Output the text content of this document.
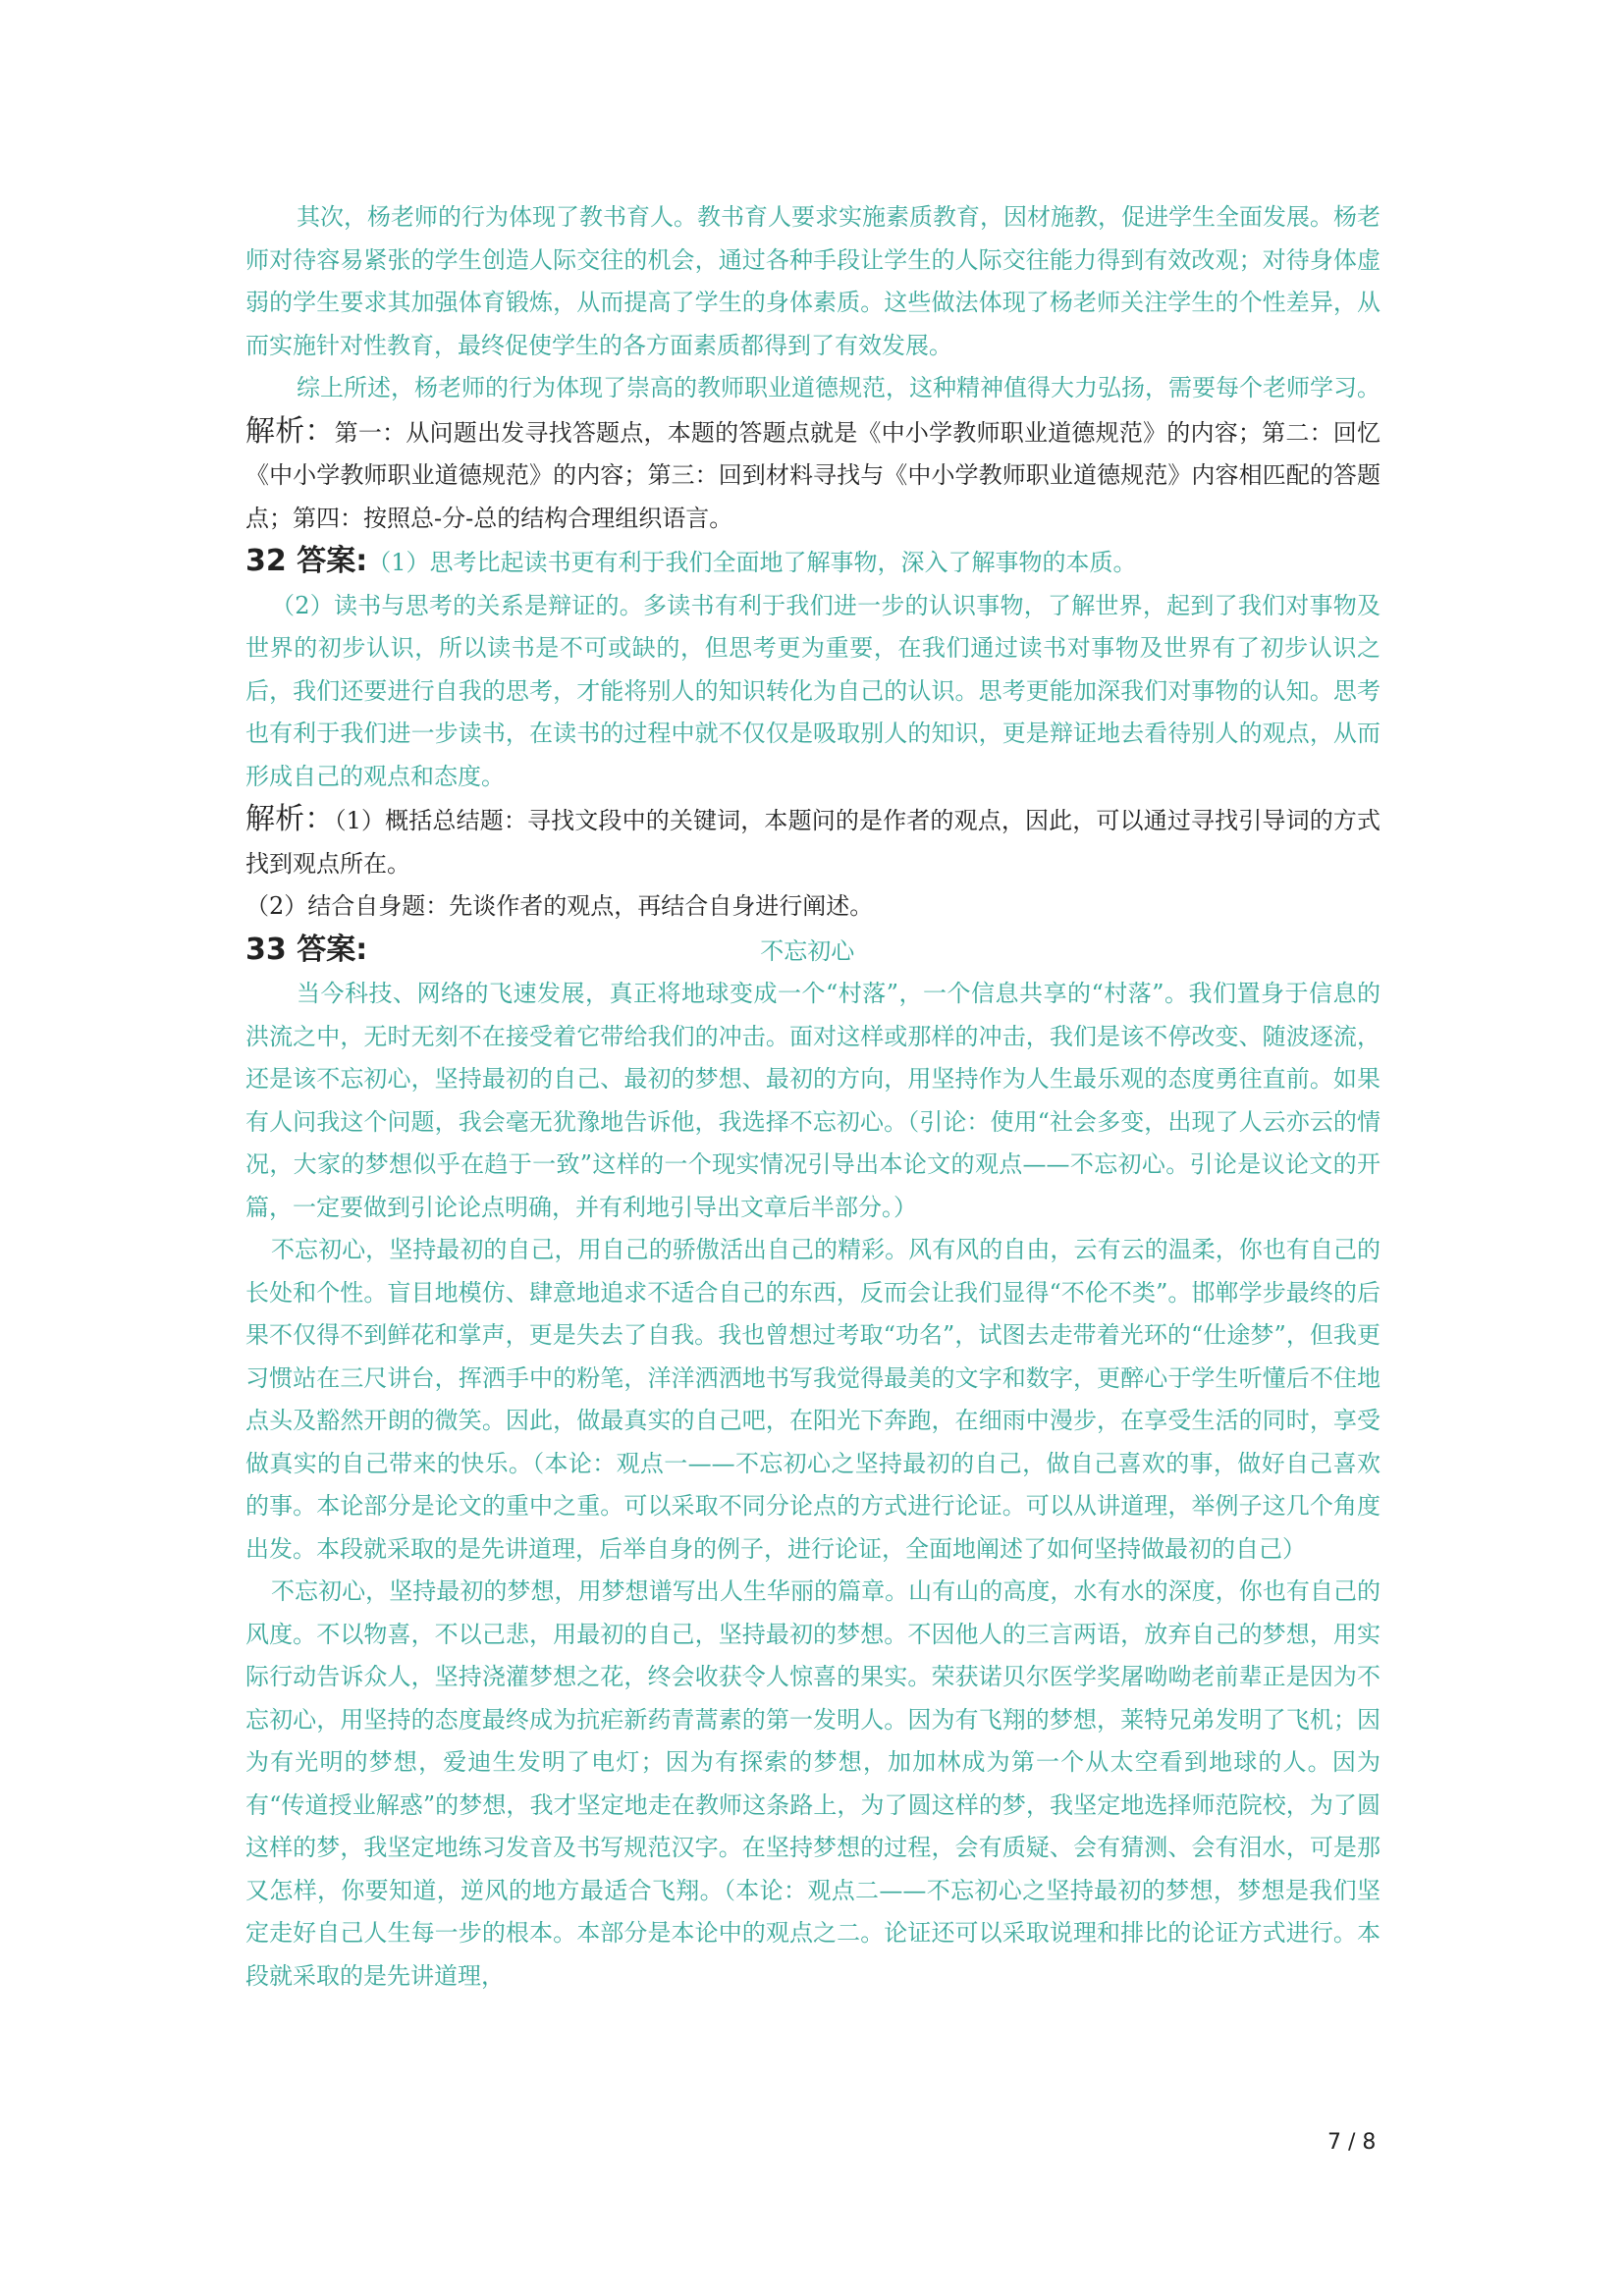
其次，杨老师的行为体现了教书育人。教书育人要求实施素质教育，因材施教，促进学生全面发展。杨老师对待容易紧张的学生创造人际交往的机会，通过各种手段让学生的人际交往能力得到有效改观；对待身体虚弱的学生要求其加强体育锻炼，从而提高了学生的身体素质。这些做法体现了杨老师关注学生的个性差异，从而实施针对性教育，最终促使学生的各方面素质都得到了有效发展。

综上所述，杨老师的行为体现了崇高的教师职业道德规范，这种精神值得大力弘扬，需要每个老师学习。

解析：第一：从问题出发寻找答题点，本题的答题点就是《中小学教师职业道德规范》的内容；第二：回忆《中小学教师职业道德规范》的内容；第三：回到材料寻找与《中小学教师职业道德规范》内容相匹配的答题点；第四：按照总-分-总的结构合理组织语言。

32 答案:（1）思考比起读书更有利于我们全面地了解事物，深入了解事物的本质。

（2）读书与思考的关系是辩证的。多读书有利于我们进一步的认识事物，了解世界，起到了我们对事物及世界的初步认识，所以读书是不可或缺的，但思考更为重要，在我们通过读书对事物及世界有了初步认识之后，我们还要进行自我的思考，才能将别人的知识转化为自己的认识。思考更能加深我们对事物的认知。思考也有利于我们进一步读书，在读书的过程中就不仅仅是吸取别人的知识，更是辩证地去看待别人的观点，从而形成自己的观点和态度。

解析：（1）概括总结题：寻找文段中的关键词，本题问的是作者的观点，因此，可以通过寻找引导词的方式找到观点所在。

（2）结合自身题：先谈作者的观点，再结合自身进行阐述。

33 答案:	不忘初心

当今科技、网络的飞速发展，真正将地球变成一个“村落”，一个信息共享的“村落”。我们置身于信息的洪流之中，无时无刻不在接受着它带给我们的冲击。面对这样或那样的冲击，我们是该不停改变、随波逐流，还是该不忘初心，坚持最初的自己、最初的梦想、最初的方向，用坚持作为人生最乐观的态度勇往直前。如果有人问我这个问题，我会毫无犹豫地告诉他，我选择不忘初心。（引论：使用“社会多变，出现了人云亦云的情况，大家的梦想似乎在趋于一致”这样的一个现实情况引导出本论文的观点——不忘初心。引论是议论文的开篇，一定要做到引论论点明确，并有利地引导出文章后半部分。）

不忘初心，坚持最初的自己，用自己的骄傲活出自己的精彩。风有风的自由，云有云的温柔，你也有自己的长处和个性。盲目地模仿、肆意地追求不适合自己的东西，反而会让我们显得“不伦不类”。邯郸学步最终的后果不仅得不到鲜花和掌声，更是失去了自我。我也曾想过考取“功名”，试图去走带着光环的“仕途梦”，但我更习惯站在三尺讲台，挥洒手中的粉笔，洋洋洒洒地书写我觉得最美的文字和数字，更醉心于学生听懂后不住地点头及豁然开朗的微笑。因此，做最真实的自己吧，在阳光下奔跑，在细雨中漫步，在享受生活的同时，享受做真实的自己带来的快乐。（本论：观点一——不忘初心之坚持最初的自己，做自己喜欢的事，做好自己喜欢的事。本论部分是论文的重中之重。可以采取不同分论点的方式进行论证。可以从讲道理，举例子这几个角度出发。本段就采取的是先讲道理，后举自身的例子，进行论证，全面地阐述了如何坚持做最初的自己）

不忘初心，坚持最初的梦想，用梦想谱写出人生华丽的篇章。山有山的高度，水有水的深度，你也有自己的风度。不以物喜，不以己悲，用最初的自己，坚持最初的梦想。不因他人的三言两语，放弃自己的梦想，用实际行动告诉众人，坚持浇灌梦想之花，终会收获令人惊喜的果实。荣获诺贝尔医学奖屠呦呦老前辈正是因为不忘初心，用坚持的态度最终成为抗疟新药青蒿素的第一发明人。因为有飞翔的梦想，莱特兄弟发明了飞机；因为有光明的梦想，爱迪生发明了电灯；因为有探索的梦想，加加林成为第一个从太空看到地球的人。因为有“传道授业解惑”的梦想，我才坚定地走在教师这条路上，为了圆这样的梦，我坚定地选择师范院校，为了圆这样的梦，我坚定地练习发音及书写规范汉字。在坚持梦想的过程，会有质疑、会有猜测、会有泪水，可是那又怎样，你要知道，逆风的地方最适合飞翔。（本论：观点二——不忘初心之坚持最初的梦想，梦想是我们坚定走好自己人生每一步的根本。本部分是本论中的观点之二。论证还可以采取说理和排比的论证方式进行。本段就采取的是先讲道理，

7 / 8
